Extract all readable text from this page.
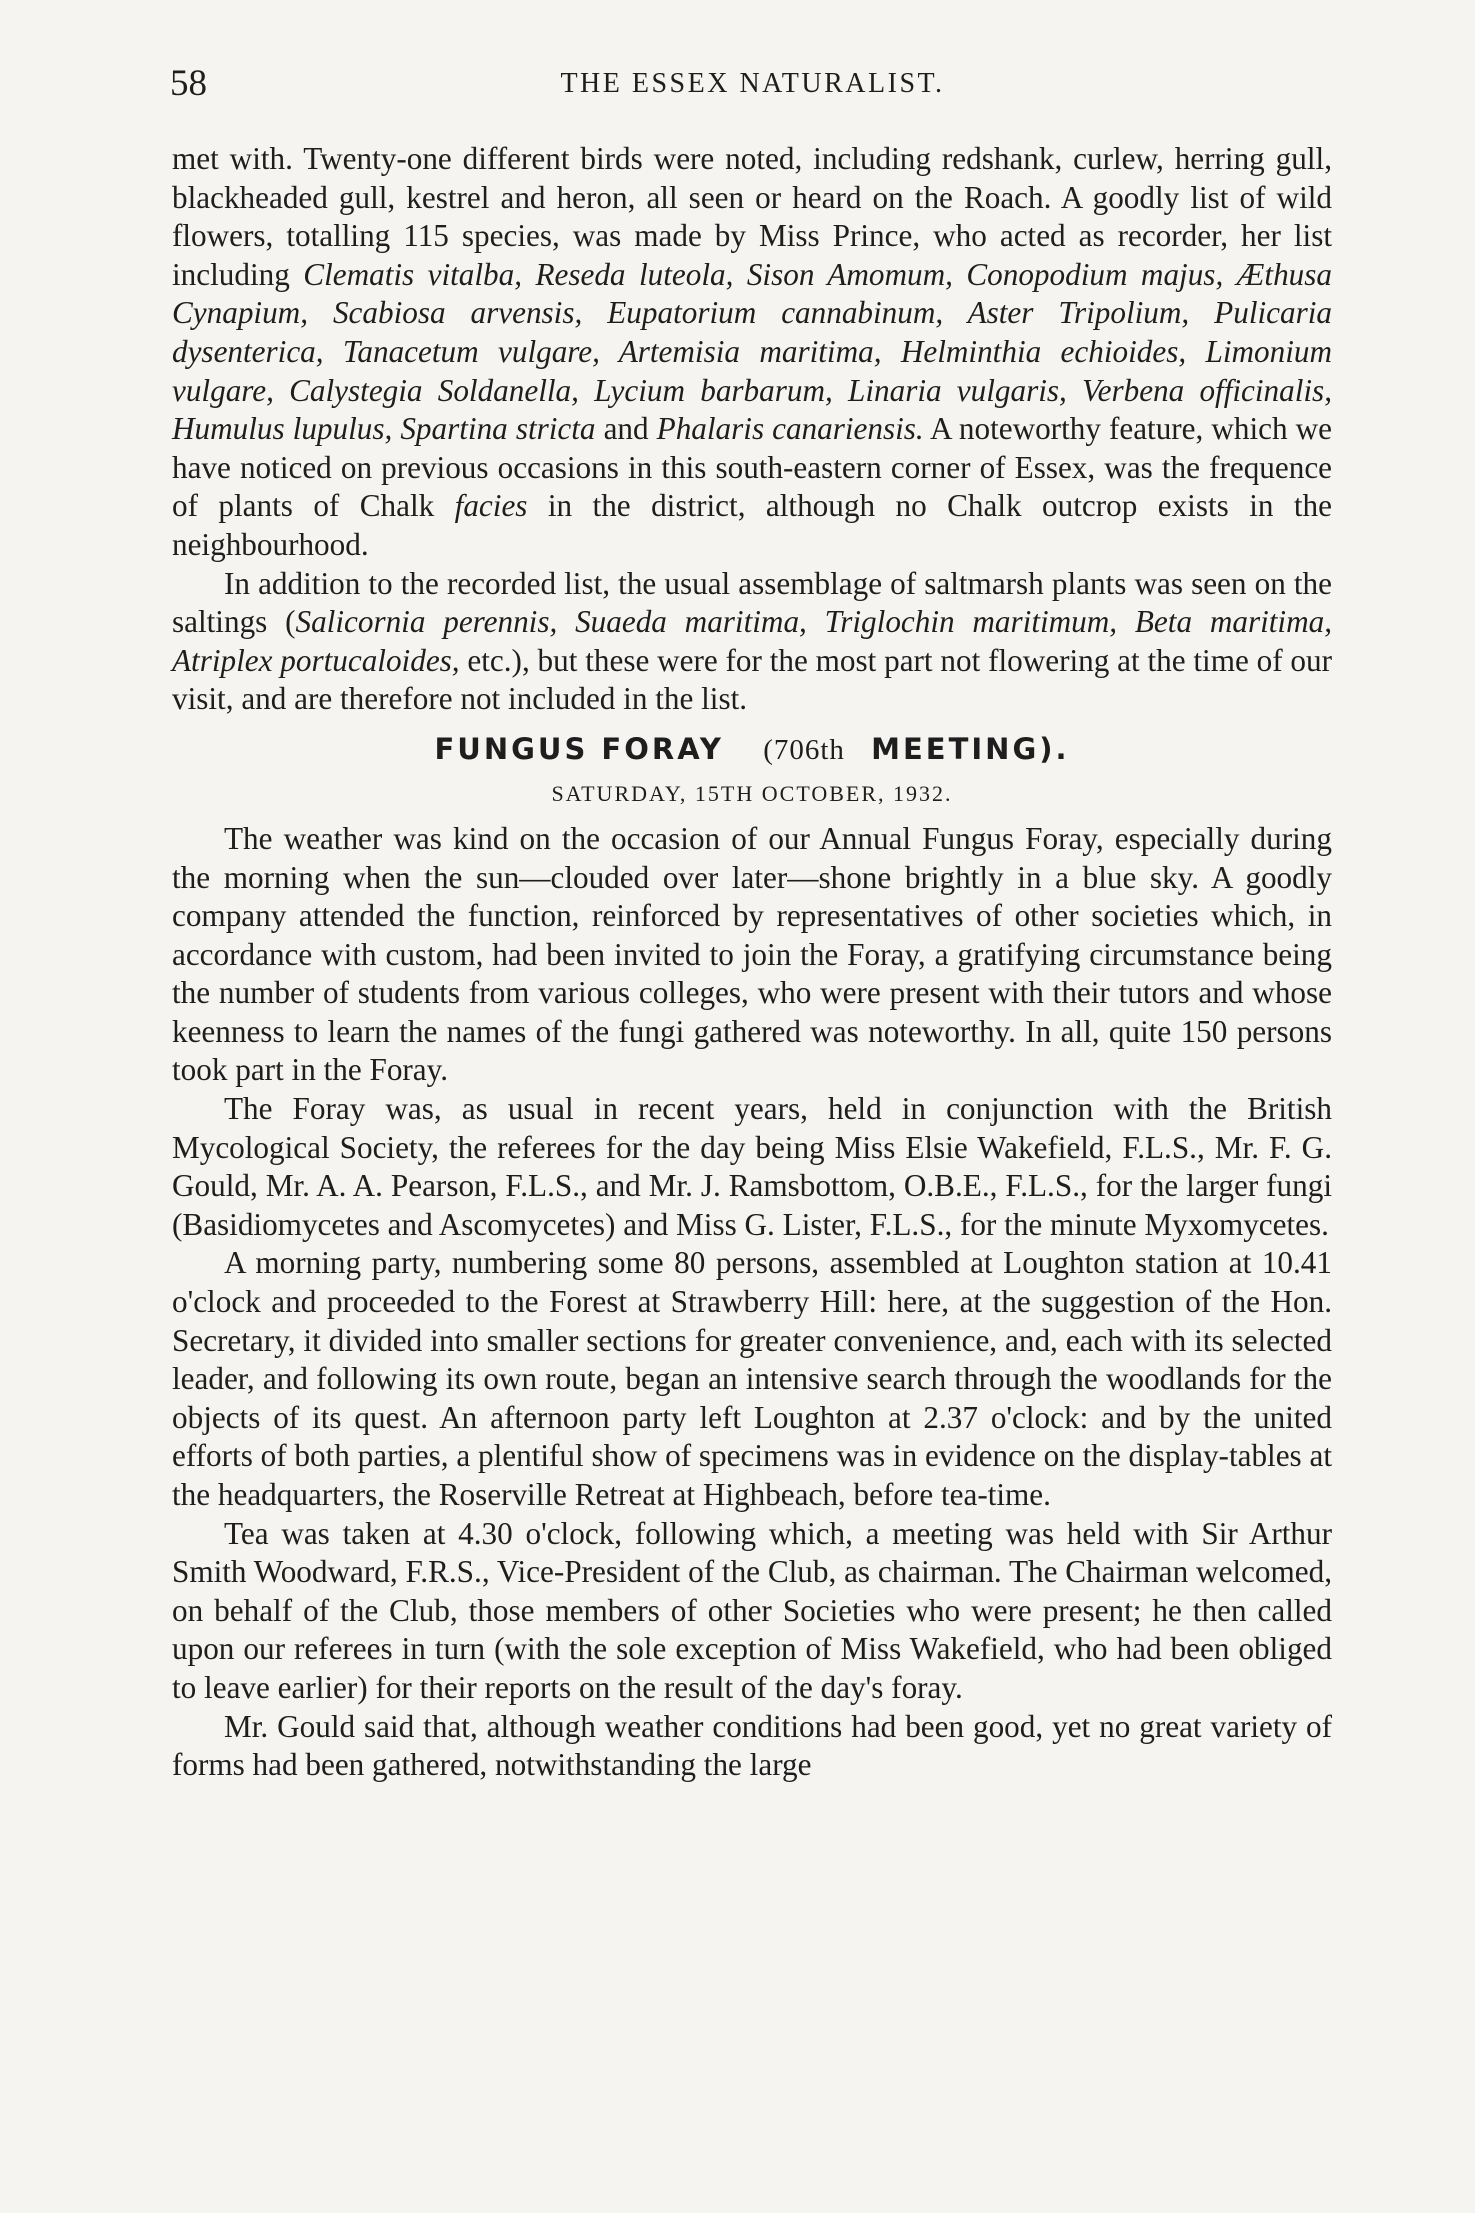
58	THE ESSEX NATURALIST.

met with. Twenty-one different birds were noted, including redshank, curlew, herring gull, blackheaded gull, kestrel and heron, all seen or heard on the Roach. A goodly list of wild flowers, totalling 115 species, was made by Miss Prince, who acted as recorder, her list including Clematis vitalba, Reseda luteola, Sison Amomum, Conopodium majus, Æthusa Cynapium, Scabiosa arvensis, Eupatorium cannabinum, Aster Tripolium, Pulicaria dysenterica, Tanacetum vulgare, Artemisia maritima, Helminthia echioides, Limonium vulgare, Calystegia Soldanella, Lycium barbarum, Linaria vulgaris, Verbena officinalis, Humulus lupulus, Spartina stricta and Phalaris canariensis. A noteworthy feature, which we have noticed on previous occasions in this south-eastern corner of Essex, was the frequence of plants of Chalk facies in the district, although no Chalk outcrop exists in the neighbourhood.

In addition to the recorded list, the usual assemblage of saltmarsh plants was seen on the saltings (Salicornia perennis, Suaeda maritima, Triglochin maritimum, Beta maritima, Atriplex portucaloides, etc.), but these were for the most part not flowering at the time of our visit, and are therefore not included in the list.

FUNGUS FORAY (706th MEETING).
SATURDAY, 15TH OCTOBER, 1932.

The weather was kind on the occasion of our Annual Fungus Foray, especially during the morning when the sun—clouded over later—shone brightly in a blue sky. A goodly company attended the function, reinforced by representatives of other societies which, in accordance with custom, had been invited to join the Foray, a gratifying circumstance being the number of students from various colleges, who were present with their tutors and whose keenness to learn the names of the fungi gathered was noteworthy. In all, quite 150 persons took part in the Foray.

The Foray was, as usual in recent years, held in conjunction with the British Mycological Society, the referees for the day being Miss Elsie Wakefield, F.L.S., Mr. F. G. Gould, Mr. A. A. Pearson, F.L.S., and Mr. J. Ramsbottom, O.B.E., F.L.S., for the larger fungi (Basidiomycetes and Ascomycetes) and Miss G. Lister, F.L.S., for the minute Myxomycetes.

A morning party, numbering some 80 persons, assembled at Loughton station at 10.41 o'clock and proceeded to the Forest at Strawberry Hill: here, at the suggestion of the Hon. Secretary, it divided into smaller sections for greater convenience, and, each with its selected leader, and following its own route, began an intensive search through the woodlands for the objects of its quest. An afternoon party left Loughton at 2.37 o'clock: and by the united efforts of both parties, a plentiful show of specimens was in evidence on the display-tables at the headquarters, the Roserville Retreat at Highbeach, before tea-time.

Tea was taken at 4.30 o'clock, following which, a meeting was held with Sir Arthur Smith Woodward, F.R.S., Vice-President of the Club, as chairman. The Chairman welcomed, on behalf of the Club, those members of other Societies who were present; he then called upon our referees in turn (with the sole exception of Miss Wakefield, who had been obliged to leave earlier) for their reports on the result of the day's foray.

Mr. Gould said that, although weather conditions had been good, yet no great variety of forms had been gathered, notwithstanding the large
